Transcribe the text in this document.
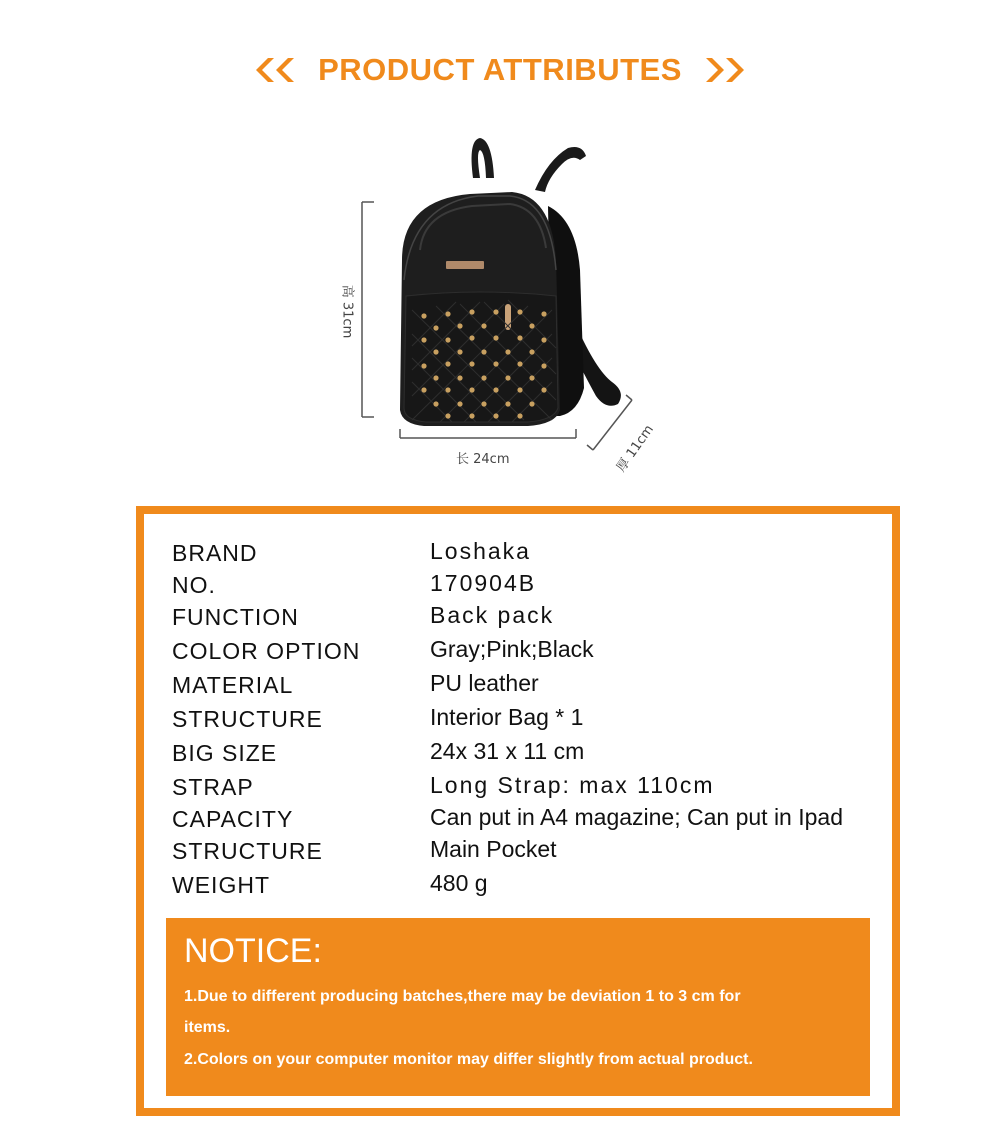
PRODUCT ATTRIBUTES
高 31cm
长 24cm	厚 11cm
BRAND	Loshaka
NO.	170904B
FUNCTION	Back pack
COLOR OPTION	Gray;Pink;Black
MATERIAL	PU leather
STRUCTURE	Interior Bag * 1
BIG SIZE	24x 31 x 11 cm
STRAP	Long Strap: max 110cm
CAPACITY	Can put in A4 magazine; Can put in Ipad
STRUCTURE	Main Pocket
WEIGHT	480 g
NOTICE:
1.Due to different producing batches,there may be deviation 1 to 3 cm for
items.
2.Colors on your computer monitor may differ slightly from actual product.
